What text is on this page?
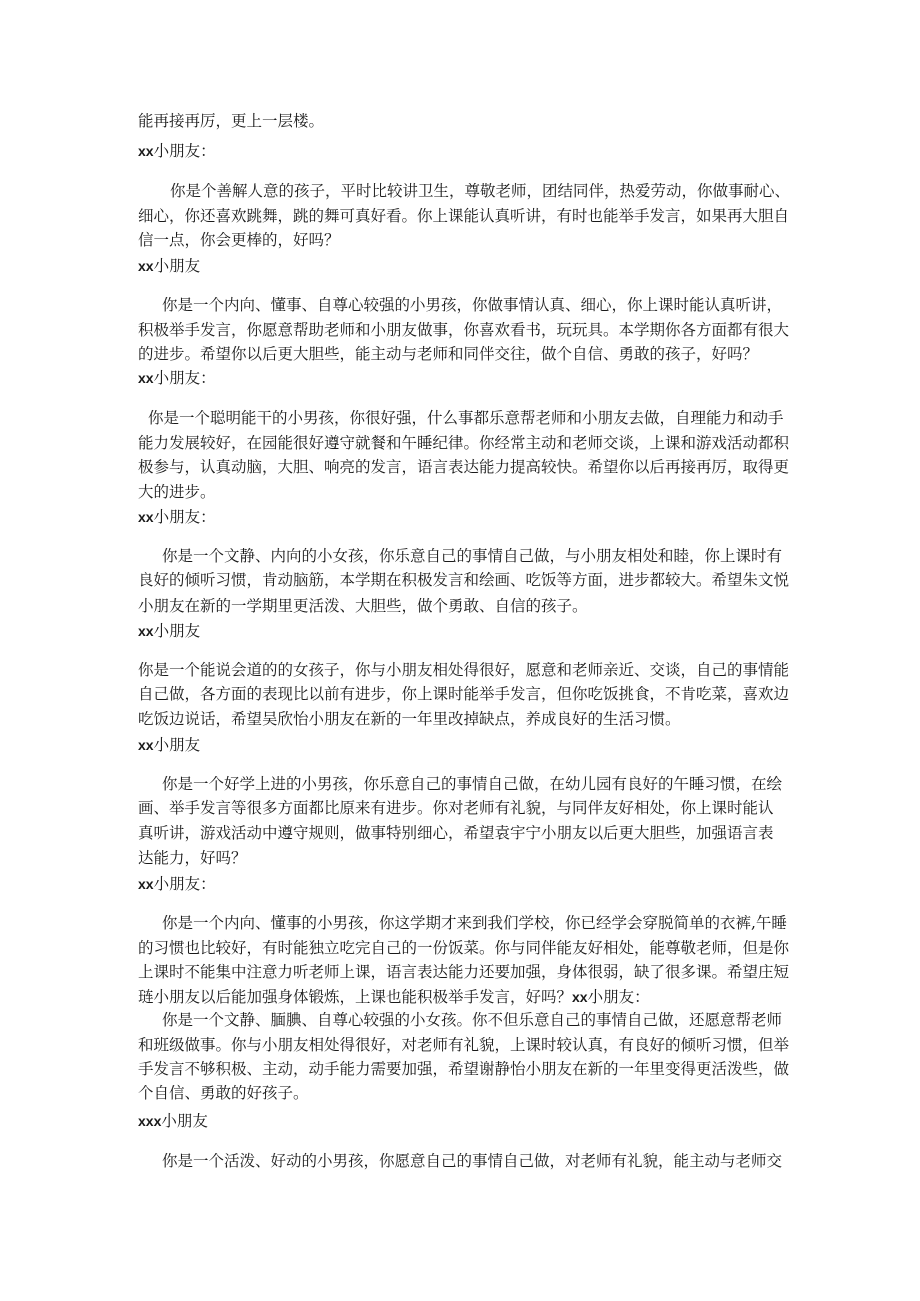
能再接再厉，更上一层楼。

xx小朋友：

你是个善解人意的孩子，平时比较讲卫生，尊敬老师，团结同伴，热爱劳动，你做事耐心、

细心，你还喜欢跳舞，跳的舞可真好看。你上课能认真听讲，有时也能举手发言，如果再大胆自

信一点，你会更棒的，好吗？

xx小朋友

你是一个内向、懂事、自尊心较强的小男孩，你做事情认真、细心，你上课时能认真听讲，

积极举手发言，你愿意帮助老师和小朋友做事，你喜欢看书，玩玩具。本学期你各方面都有很大

的进步。希望你以后更大胆些，能主动与老师和同伴交往，做个自信、勇敢的孩子，好吗？

xx小朋友：

你是一个聪明能干的小男孩，你很好强，什么事都乐意帮老师和小朋友去做，自理能力和动手

能力发展较好，在园能很好遵守就餐和午睡纪律。你经常主动和老师交谈，上课和游戏活动都积

极参与，认真动脑，大胆、响亮的发言，语言表达能力提高较快。希望你以后再接再厉，取得更

大的进步。

xx小朋友：

你是一个文静、内向的小女孩，你乐意自己的事情自己做，与小朋友相处和睦，你上课时有

良好的倾听习惯，肯动脑筋，本学期在积极发言和绘画、吃饭等方面，进步都较大。希望朱文悦

小朋友在新的一学期里更活泼、大胆些，做个勇敢、自信的孩子。

xx小朋友

你是一个能说会道的的女孩子，你与小朋友相处得很好，愿意和老师亲近、交谈，自己的事情能

自己做，各方面的表现比以前有进步，你上课时能举手发言，但你吃饭挑食，不肯吃菜，喜欢边

吃饭边说话，希望吴欣怡小朋友在新的一年里改掉缺点，养成良好的生活习惯。

xx小朋友

你是一个好学上进的小男孩，你乐意自己的事情自己做，在幼儿园有良好的午睡习惯，在绘

画、举手发言等很多方面都比原来有进步。你对老师有礼貌，与同伴友好相处，你上课时能认

真听讲，游戏活动中遵守规则，做事特别细心，希望袁宇宁小朋友以后更大胆些，加强语言表

达能力，好吗？

xx小朋友：

你是一个内向、懂事的小男孩，你这学期才来到我们学校，你已经学会穿脱简单的衣裤,午睡

的习惯也比较好，有时能独立吃完自己的一份饭菜。你与同伴能友好相处，能尊敬老师，但是你

上课时不能集中注意力听老师上课，语言表达能力还要加强，身体很弱，缺了很多课。希望庄短

琏小朋友以后能加强身体锻炼，上课也能积极举手发言，好吗？xx小朋友：

你是一个文静、腼腆、自尊心较强的小女孩。你不但乐意自己的事情自己做，还愿意帮老师

和班级做事。你与小朋友相处得很好，对老师有礼貌，上课时较认真，有良好的倾听习惯，但举

手发言不够积极、主动，动手能力需要加强，希望谢静怡小朋友在新的一年里变得更活泼些，做

个自信、勇敢的好孩子。

xxx小朋友

你是一个活泼、好动的小男孩，你愿意自己的事情自己做，对老师有礼貌，能主动与老师交
